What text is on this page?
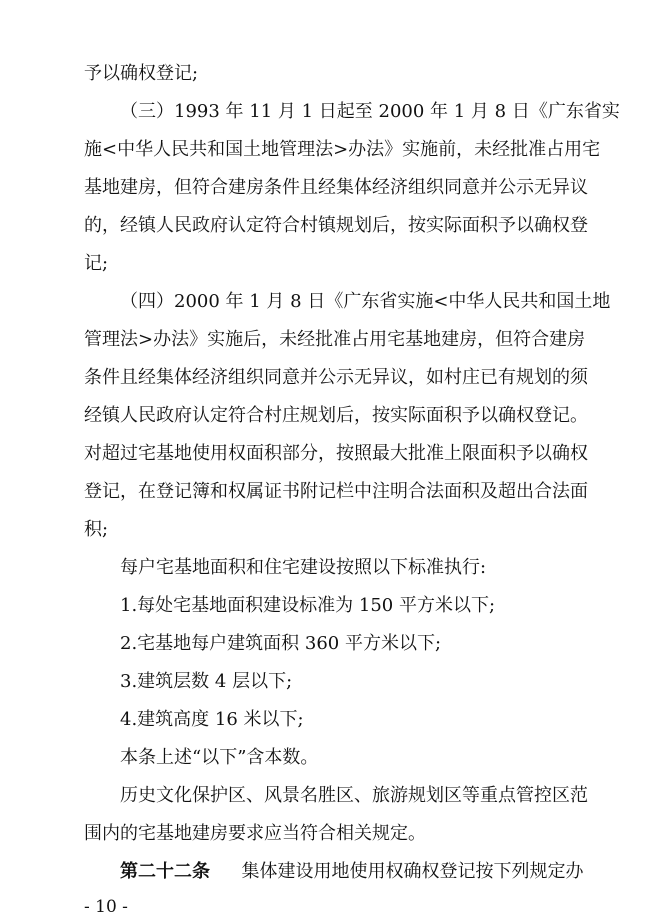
予以确权登记;
（三）1993 年 11 月 1 日起至 2000 年 1 月 8 日《广东省实
施<中华人民共和国土地管理法>办法》实施前，未经批准占用宅
基地建房，但符合建房条件且经集体经济组织同意并公示无异议
的，经镇人民政府认定符合村镇规划后，按实际面积予以确权登
记;
（四）2000 年 1 月 8 日《广东省实施<中华人民共和国土地
管理法>办法》实施后，未经批准占用宅基地建房，但符合建房
条件且经集体经济组织同意并公示无异议，如村庄已有规划的须
经镇人民政府认定符合村庄规划后，按实际面积予以确权登记。
对超过宅基地使用权面积部分，按照最大批准上限面积予以确权
登记，在登记簿和权属证书附记栏中注明合法面积及超出合法面
积;
每户宅基地面积和住宅建设按照以下标准执行:
1.每处宅基地面积建设标准为 150 平方米以下;
2.宅基地每户建筑面积 360 平方米以下;
3.建筑层数 4 层以下;
4.建筑高度 16 米以下;
本条上述“以下”含本数。
历史文化保护区、风景名胜区、旅游规划区等重点管控区范
围内的宅基地建房要求应当符合相关规定。
第二十二条 集体建设用地使用权确权登记按下列规定办
- 10 -
